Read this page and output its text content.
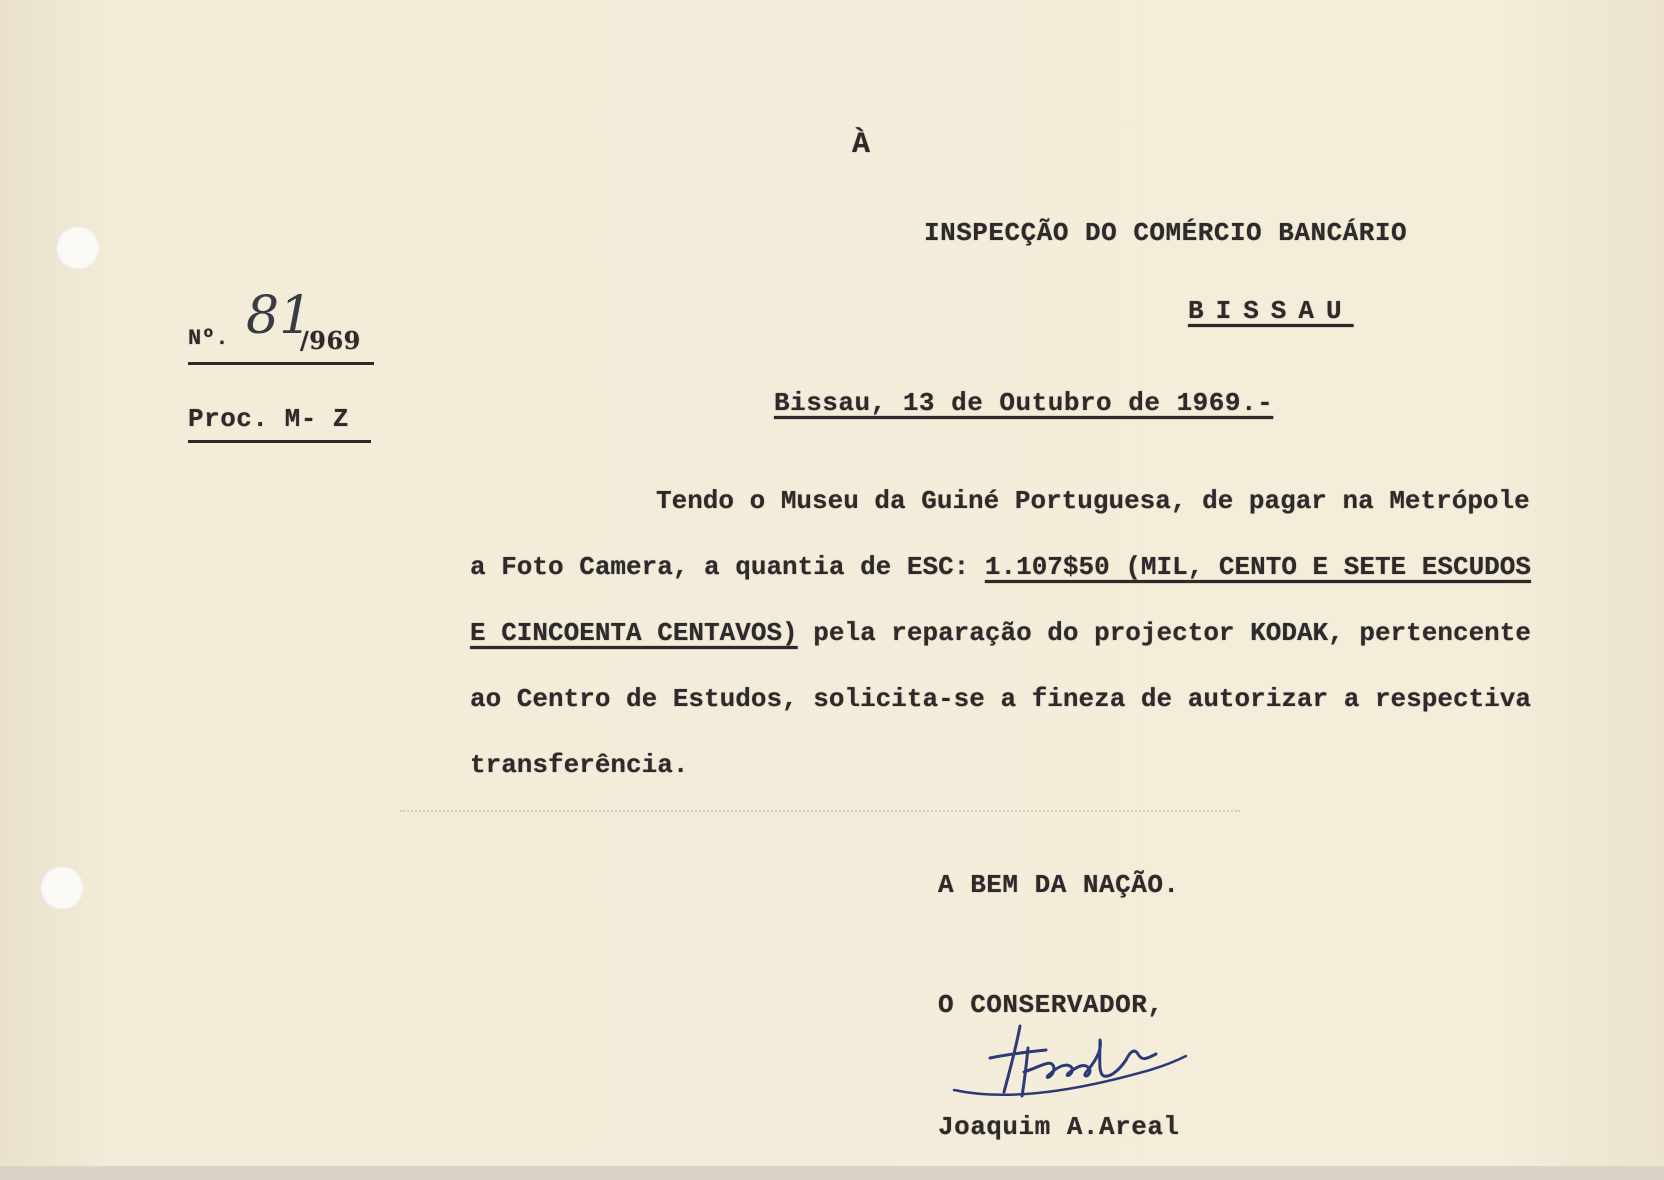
À
INSPECÇÃO DO COMÉRCIO BANCÁRIO
BISSAU
Nº. 81
/969
Proc. M- Z
Bissau, 13 de Outubro de 1969.-
Tendo o Museu da Guiné Portuguesa, de pagar na Metrópole
a Foto Camera, a quantia de ESC: 1.107$50 (MIL, CENTO E SETE ESCUDOS
E CINCOENTA CENTAVOS) pela reparação do projector KODAK, pertencente
ao Centro de Estudos, solicita-se a fineza de autorizar a respectiva
transferência.
A BEM DA NAÇÃO.
O CONSERVADOR,
Joaquim A.Areal
